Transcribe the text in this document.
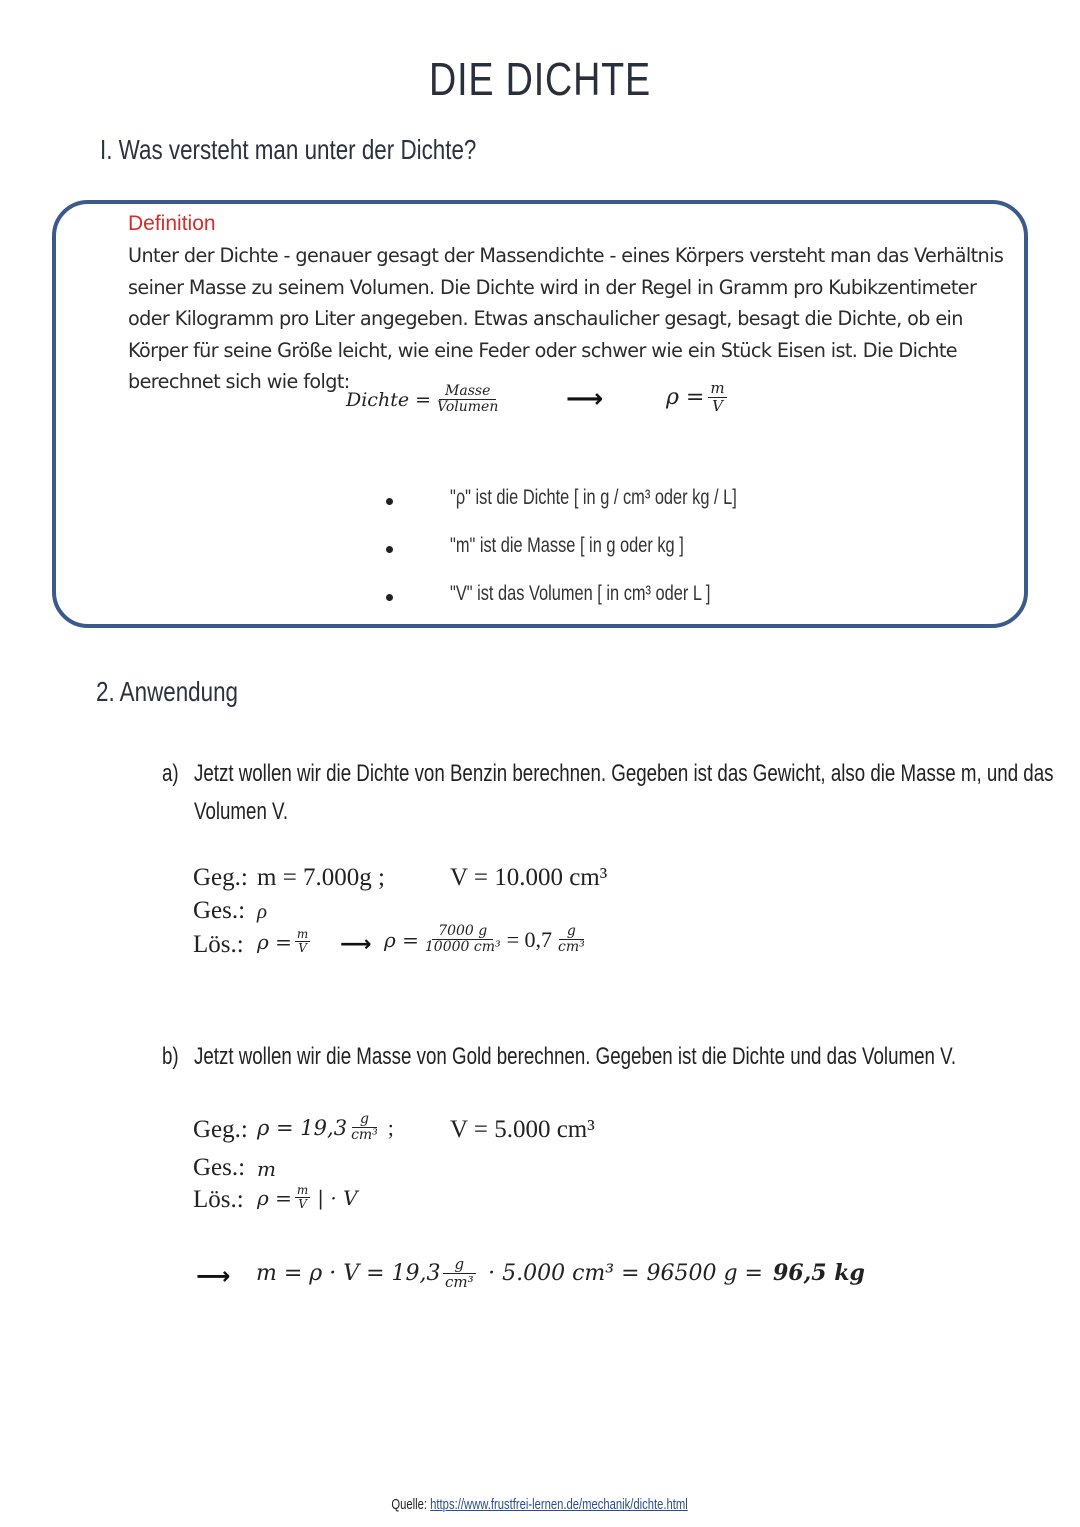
DIE DICHTE
I. Was versteht man unter der Dichte?
Definition
Unter der Dichte - genauer gesagt der Massendichte - eines Körpers versteht man das Verhältnis seiner Masse zu seinem Volumen. Die Dichte wird in der Regel in Gramm pro Kubikzentimeter oder Kilogramm pro Liter angegeben. Etwas anschaulicher gesagt, besagt die Dichte, ob ein Körper für seine Größe leicht, wie eine Feder oder schwer wie ein Stück Eisen ist. Die Dichte berechnet sich wie folgt:
Dichte = $\frac{\text{Masse}}{\text{Volumen}}$	⟶	$\rho = \frac{m}{V}$
"ρ" ist die Dichte [ in g / cm³ oder kg / L]
"m" ist die Masse [ in g oder kg ]
"V" ist das Volumen [ in cm³ oder L ]
2. Anwendung
a) Jetzt wollen wir die Dichte von Benzin berechnen. Gegeben ist das Gewicht, also die Masse m, und das
Volumen V.
Geg.: m = 7.000g ;	V = 10.000 cm³
Ges.: ρ
Lös.: $\rho = \frac{m}{V}$ ⟶ $\rho = \frac{7000 g}{\text{10000 cm³}} = 0,7 \frac{g}{\text{cm³}}$
b) Jetzt wollen wir die Masse von Gold berechnen. Gegeben ist die Dichte und das Volumen V.
Geg.: $\rho = 19,3 \frac{g}{\text{cm³}}$ ; V = 5.000 cm³
Ges.: m
Lös.: $\rho = \frac{m}{V}$ | · V
⟶ $m = \rho \cdot V = 19,3 \frac{g}{\text{cm³}} \cdot 5.000$ cm³ = 96500 g = 96,5 kg
Quelle: https://www.frustfrei-lernen.de/mechanik/dichte.html
